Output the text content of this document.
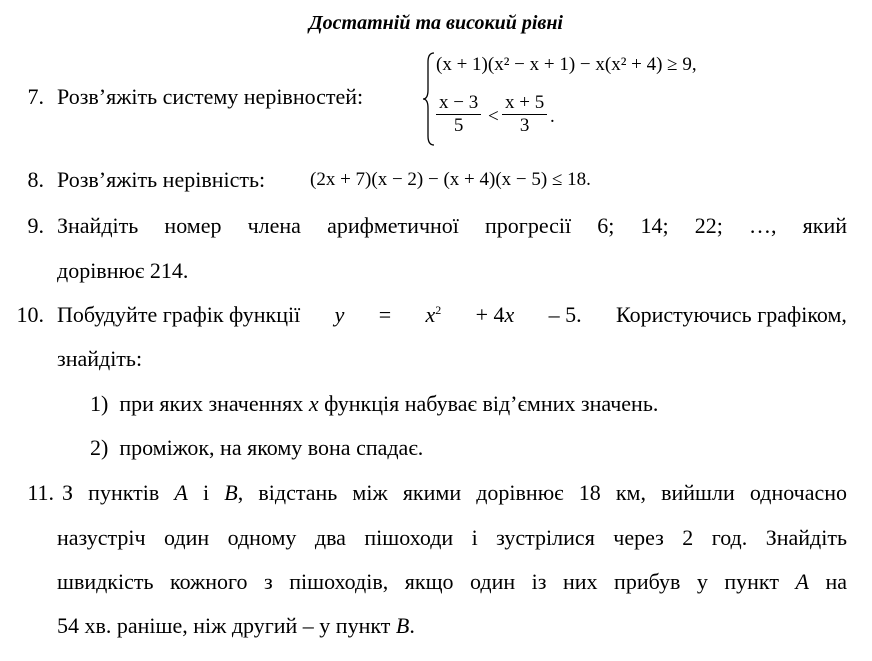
Достатній та високий рівні
7. Розв’яжіть систему нерівностей:
(x + 1)(x² − x + 1) − x(x² + 4) ≥ 9,
$\frac{x - 3}{5} < \frac{x + 5}{3}$ .
8. Розв’яжіть нерівність: (2x + 7)(x − 2) − (x + 4)(x − 5) ≤ 18.
9. Знайдіть номер члена арифметичної прогресії 6; 14; 22; …, який
дорівнює 214.
10. Побудуйте графік функції $y = x^2 + 4x - 5$. Користуючись графіком,
знайдіть:
1) при яких значеннях x функція набуває від’ємних значень.
2) проміжок, на якому вона спадає.
11. З пунктів A і B, відстань між якими дорівнює 18 км, вийшли одночасно
назустріч один одному два пішоходи і зустрілися через 2 год. Знайдіть
швидкість кожного з пішоходів, якщо один із них прибув у пункт A на
54 хв. раніше, ніж другий – у пункт B.
